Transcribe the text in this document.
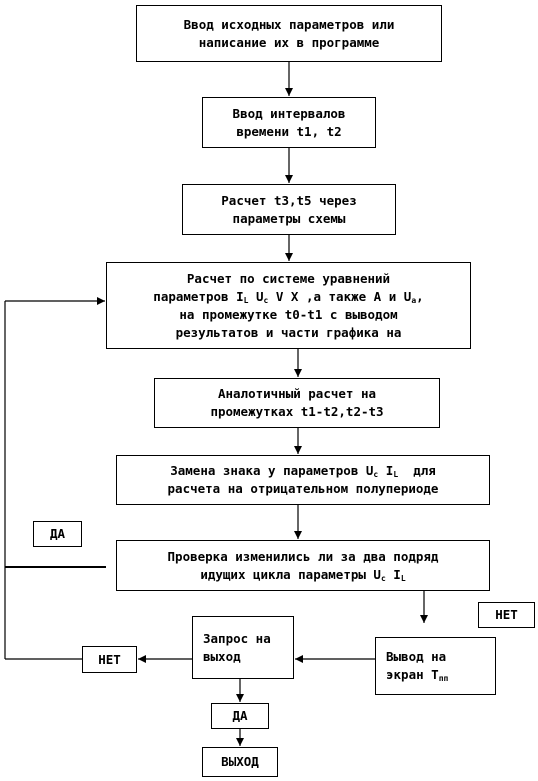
Ввод исходных параметров или
написание их в программе
Ввод интервалов
времени t1, t2
Расчет t3,t5 через
параметры схемы
Расчет по системе уравнений
параметров $I_L$ $U_c$ V X ,а также A и $U_a$,
на промежутке t0-t1 с выводом
результатов и части графика на
Аналотичный расчет на
промежутках t1-t2,t2-t3
Замена знака у параметров $U_c$ $I_L$  для
расчета на отрицательном полупериоде
Проверка изменились ли за два подряд
идущих цикла параметры $U_c$ $I_L$
Запрос на
выход	Вывод на
экран $T_{пп}$
ДА
НЕТ
НЕТ
ДА
ВЫХОД
